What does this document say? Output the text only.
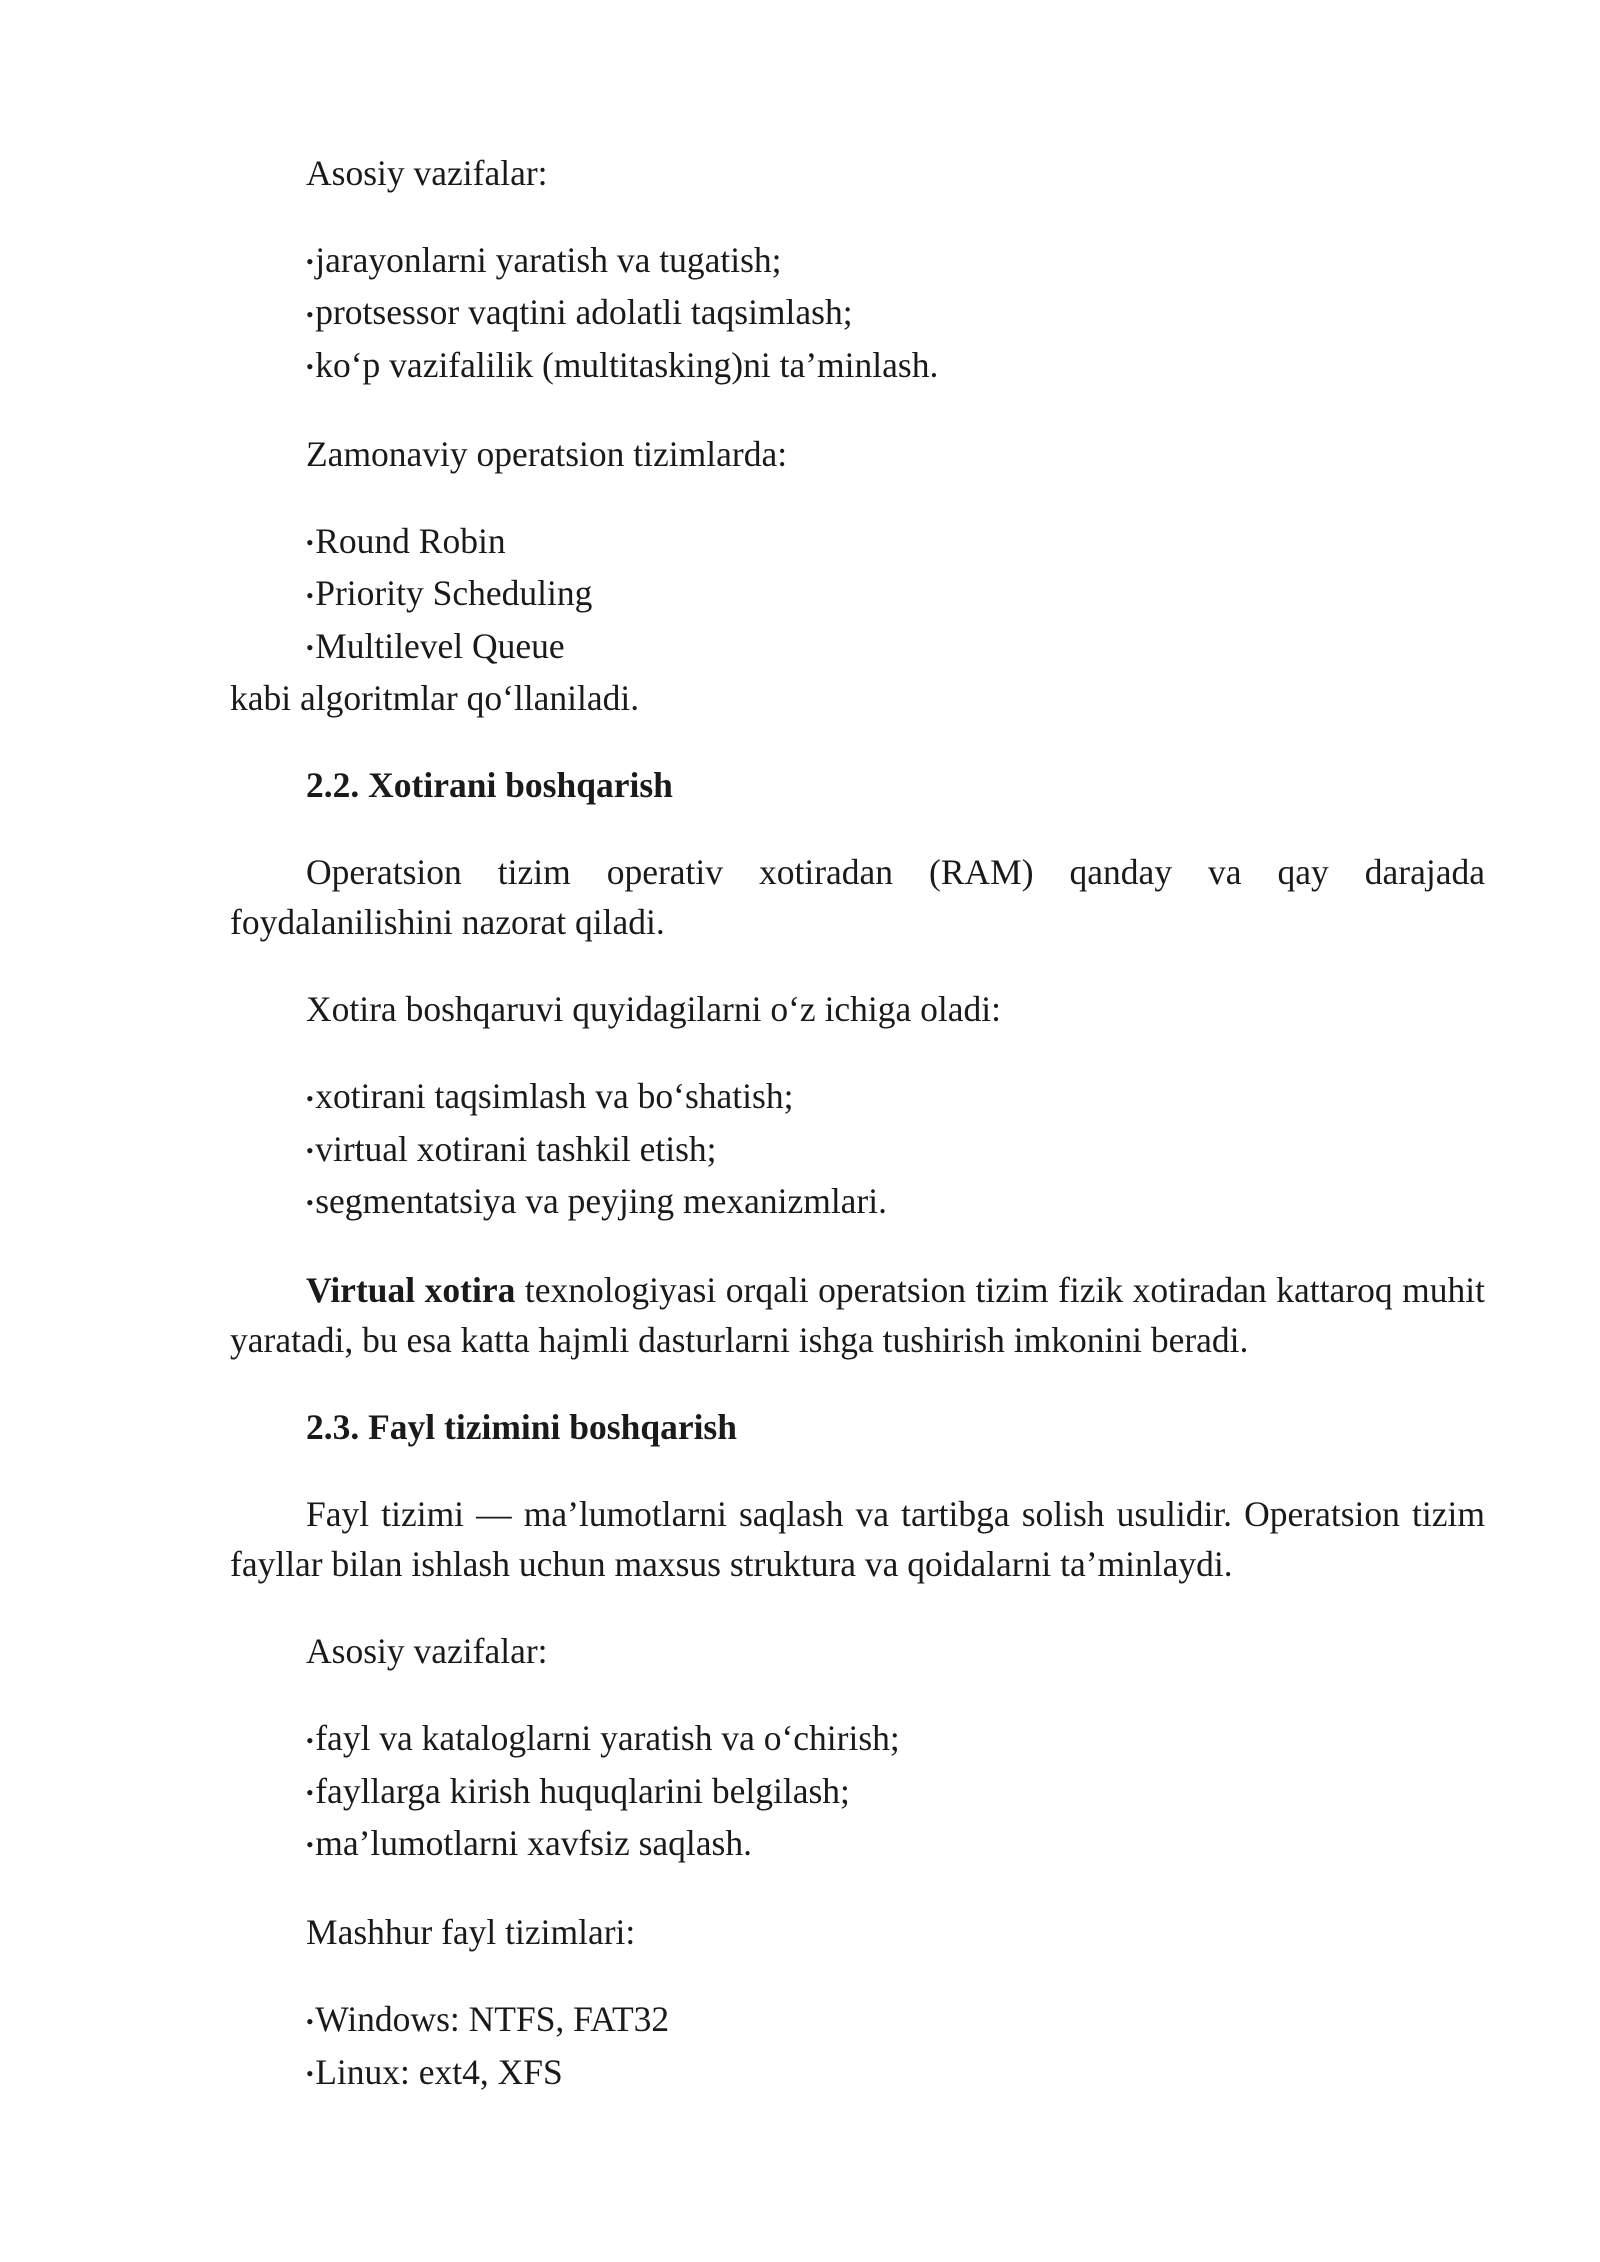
Asosiy vazifalar:

•jarayonlarni yaratish va tugatish;
•protsessor vaqtini adolatli taqsimlash;
•ko‘p vazifalilik (multitasking)ni ta’minlash.

Zamonaviy operatsion tizimlarda:

•Round Robin
•Priority Scheduling
•Multilevel Queue

kabi algoritmlar qo‘llaniladi.

2.2. Xotirani boshqarish

Operatsion tizim operativ xotiradan (RAM) qanday va qay darajada foydalanilishini nazorat qiladi.

Xotira boshqaruvi quyidagilarni o‘z ichiga oladi:

•xotirani taqsimlash va bo‘shatish;
•virtual xotirani tashkil etish;
•segmentatsiya va peyjing mexanizmlari.

Virtual xotira texnologiyasi orqali operatsion tizim fizik xotiradan kattaroq muhit yaratadi, bu esa katta hajmli dasturlarni ishga tushirish imkonini beradi.

2.3. Fayl tizimini boshqarish

Fayl tizimi — ma’lumotlarni saqlash va tartibga solish usulidir. Operatsion tizim fayllar bilan ishlash uchun maxsus struktura va qoidalarni ta’minlaydi.

Asosiy vazifalar:

•fayl va kataloglarni yaratish va o‘chirish;
•fayllarga kirish huquqlarini belgilash;
•ma’lumotlarni xavfsiz saqlash.

Mashhur fayl tizimlari:

•Windows: NTFS, FAT32
•Linux: ext4, XFS
